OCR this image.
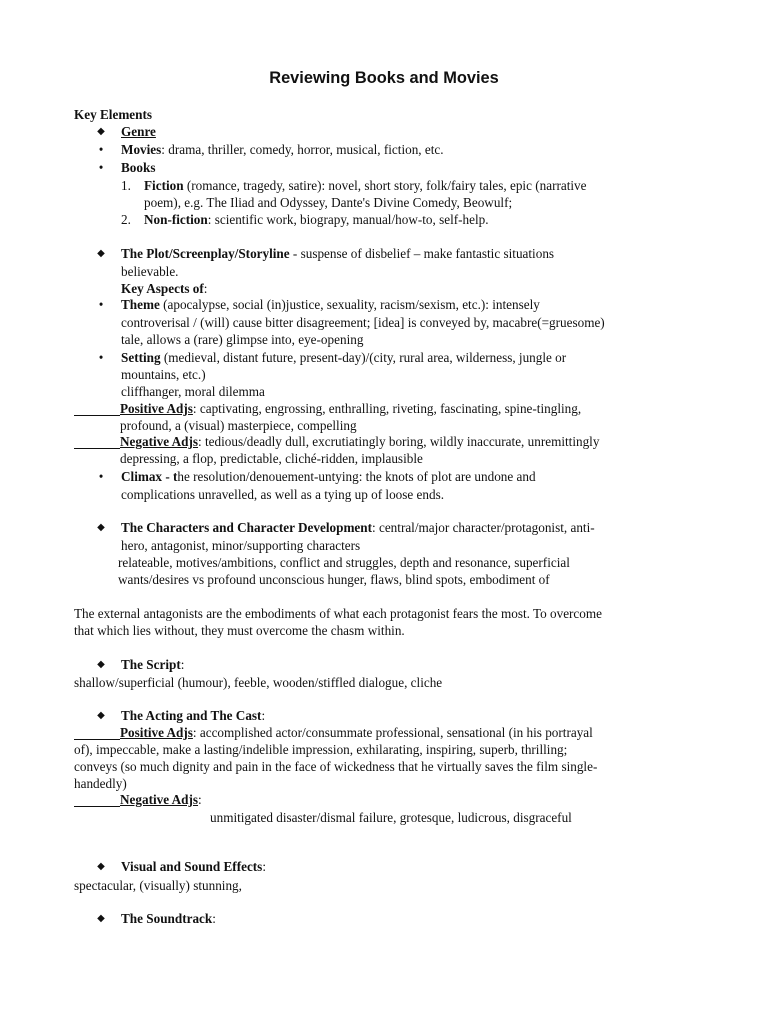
Reviewing Books and Movies
Key Elements
◆ Genre
•	Movies: drama, thriller, comedy, horror, musical, fiction, etc.
•	Books
1. Fiction (romance, tragedy, satire): novel, short story, folk/fairy tales, epic (narrative
poem), e.g. The Iliad and Odyssey, Dante's Divine Comedy, Beowulf;
2. Non-fiction: scientific work, biograpy, manual/how-to, self-help.
◆ The Plot/Screenplay/Storyline - suspense of disbelief – make fantastic situations
believable.
Key Aspects of:
•	Theme (apocalypse, social (in)justice, sexuality, racism/sexism, etc.): intensely
controverisal / (will) cause bitter disagreement; [idea] is conveyed by, macabre(=gruesome)
tale, allows a (rare) glimpse into, eye-opening
•	Setting (medieval, distant future, present-day)/(city, rural area, wilderness, jungle or
mountains, etc.)
cliffhanger, moral dilemma
Positive Adjs: captivating, engrossing, enthralling, riveting, fascinating, spine-tingling,
profound, a (visual) masterpiece, compelling
Negative Adjs: tedious/deadly dull, excrutiatingly boring, wildly inaccurate, unremittingly
depressing, a flop, predictable, cliché-ridden, implausible
•	Climax - the resolution/denouement-untying: the knots of plot are undone and
complications unravelled, as well as a tying up of loose ends.
◆ The Characters and Character Development: central/major character/protagonist, anti-
hero, antagonist, minor/supporting characters
relateable, motives/ambitions, conflict and struggles, depth and resonance, superficial
wants/desires vs profound unconscious hunger, flaws, blind spots, embodiment of
The external antagonists are the embodiments of what each protagonist fears the most. To overcome
that which lies without, they must overcome the chasm within.
◆ The Script:
shallow/superficial (humour), feeble, wooden/stiffled dialogue, cliche
◆ The Acting and The Cast:
Positive Adjs: accomplished actor/consummate professional, sensational (in his portrayal
of), impeccable, make a lasting/indelible impression, exhilarating, inspiring, superb, thrilling;
conveys (so much dignity and pain in the face of wickedness that he virtually saves the film single-
handedly)
Negative Adjs:
unmitigated disaster/dismal failure, grotesque, ludicrous, disgraceful
◆ Visual and Sound Effects:
spectacular, (visually) stunning,
◆ The Soundtrack:
